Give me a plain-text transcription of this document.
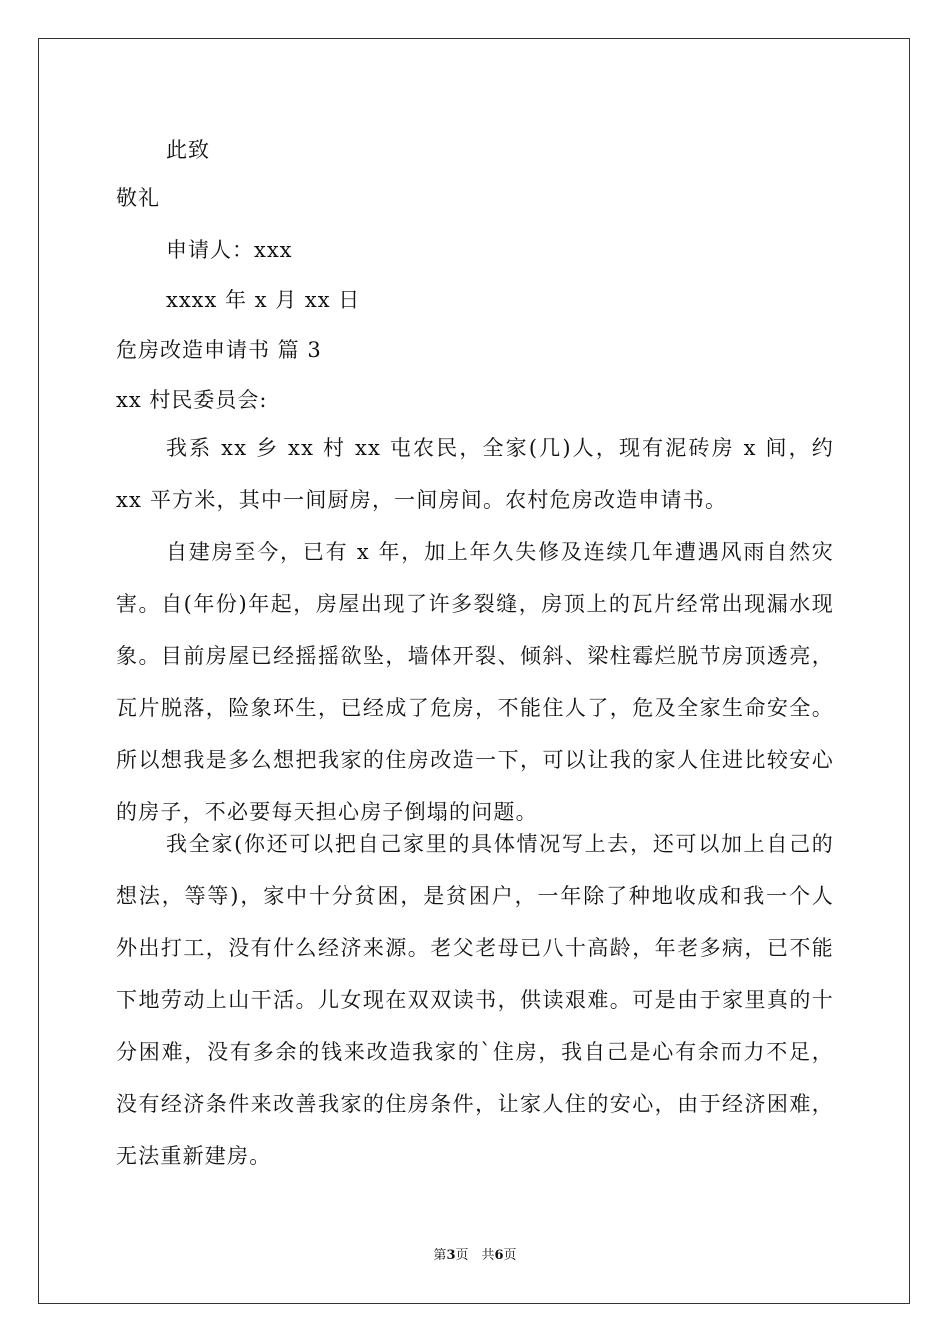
此致
敬礼
申请人：xxx
xxxx 年 x 月 xx 日
危房改造申请书 篇 3
xx 村民委员会:

我系 xx 乡 xx 村 xx 屯农民，全家(几)人，现有泥砖房 x 间，约 xx 平方米，其中一间厨房，一间房间。农村危房改造申请书。

自建房至今，已有 x 年，加上年久失修及连续几年遭遇风雨自然灾害。自(年份)年起，房屋出现了许多裂缝，房顶上的瓦片经常出现漏水现象。目前房屋已经摇摇欲坠，墙体开裂、倾斜、梁柱霉烂脱节房顶透亮，瓦片脱落，险象环生，已经成了危房，不能住人了，危及全家生命安全。所以想我是多么想把我家的住房改造一下，可以让我的家人住进比较安心的房子，不必要每天担心房子倒塌的问题。

我全家(你还可以把自己家里的具体情况写上去，还可以加上自己的想法，等等)，家中十分贫困，是贫困户，一年除了种地收成和我一个人外出打工，没有什么经济来源。老父老母已八十高龄，年老多病，已不能下地劳动上山干活。儿女现在双双读书，供读艰难。可是由于家里真的十分困难，没有多余的钱来改造我家的`住房，我自己是心有余而力不足，没有经济条件来改善我家的住房条件，让家人住的安心，由于经济困难，无法重新建房。

第3页　共6页
